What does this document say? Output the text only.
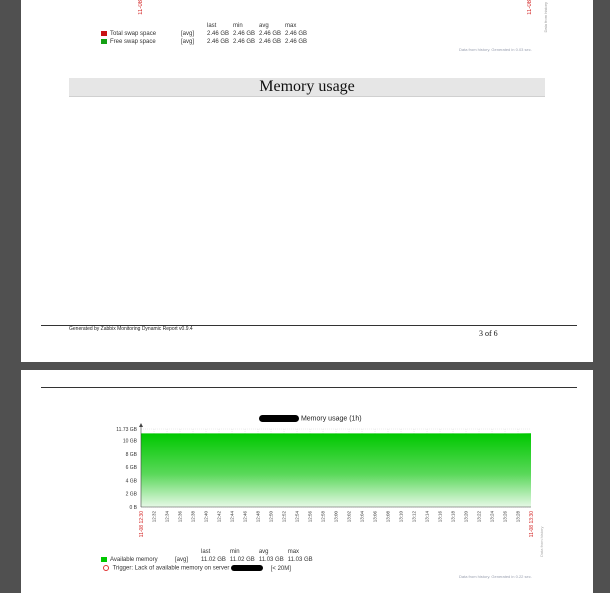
11-08	11-08	Data from history
		last	min	avg	max
Total swap space	[avg]	2.46 GB	2.46 GB	2.46 GB	2.46 GB
Free swap space	[avg]	2.46 GB	2.46 GB	2.46 GB	2.46 GB
Data from history. Generated in 0.03 sec.
Memory usage
Generated by Zabbix Monitoring Dynamic Report v0.9.4	3 of 6
11.73 GB
10 GB
8 GB
6 GB
4 GB
2 GB
0 B
12:32 12:34 12:36 12:38 12:40 12:42 12:44 12:46 12:48 12:50 12:52 12:54 12:56 12:58 13:00 13:02 13:04 13:06 13:08 13:10 13:12 13:14 13:16 13:18 13:20 13:22 13:24 13:26 13:28
11-08 12:30	11-08 13:30
Data from history
Memory usage (1h)
		last	min	avg	max
Available memory	[avg]	11.02 GB	11.02 GB	11.03 GB	11.03 GB
Trigger: Lack of available memory on server	[< 20M]
Data from history. Generated in 0.22 sec.
